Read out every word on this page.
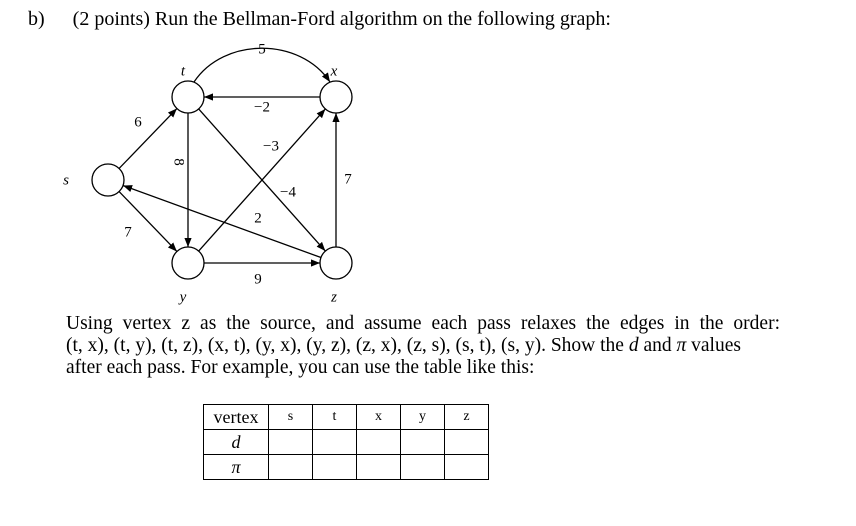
b) (2 points) Run the Bellman-Ford algorithm on the following graph:
6
7
5
−2
8
−4
−3
9
7
2
s
t	x
y	z
Using vertex z as the source, and assume each pass relaxes the edges in the order:
(t, x), (t, y), (t, z), (x, t), (y, x), (y, z), (z, x), (z, s), (s, t), (s, y). Show the d and π values
after each pass. For example, you can use the table like this:
vertex	s	t	x	y	z
d					
π					
